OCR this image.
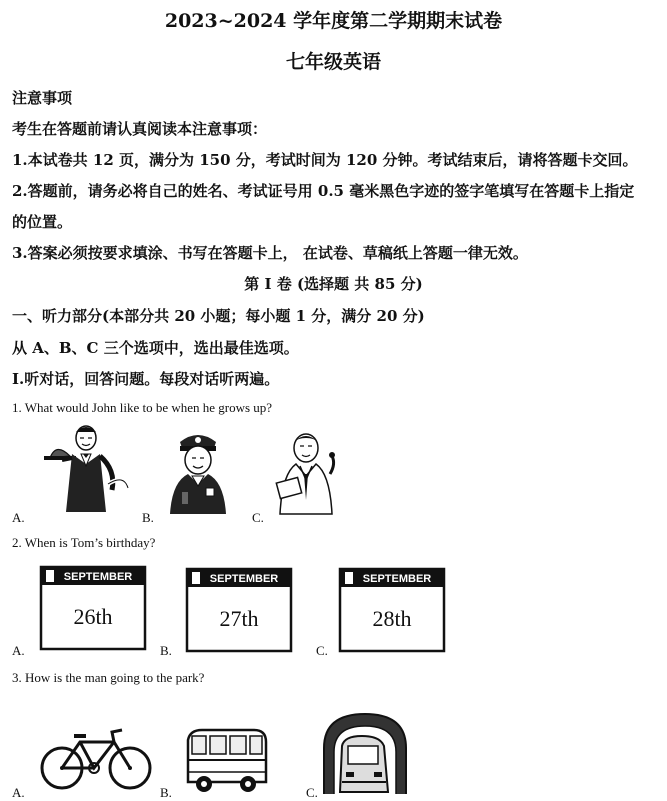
2023~2024 学年度第二学期期末试卷
七年级英语
注意事项
考生在答题前请认真阅读本注意事项：
1.本试卷共 12 页，满分为 150 分，考试时间为 120 分钟。考试结束后，请将答题卡交回。
2.答题前，请务必将自己的姓名、考试证号用 0.5 毫米黑色字迹的签字笔填写在答题卡上指定
的位置。
3.答案必须按要求填涂、书写在答题卡上， 在试卷、草稿纸上答题一律无效。
第 I 卷 (选择题 共 85 分)
一、听力部分(本部分共 20 小题；每小题 1 分，满分 20 分)
从 A、B、C 三个选项中，选出最佳选项。
I.听对话，回答问题。每段对话听两遍。
1. What would John like to be when he grows up?
A.	B.	C.
2. When is Tom’s birthday?
SEPTEMBER
26th
SEPTEMBER
27th
SEPTEMBER
28th
A.	B.	C.
3. How is the man going to the park?
A.	B.	C.
